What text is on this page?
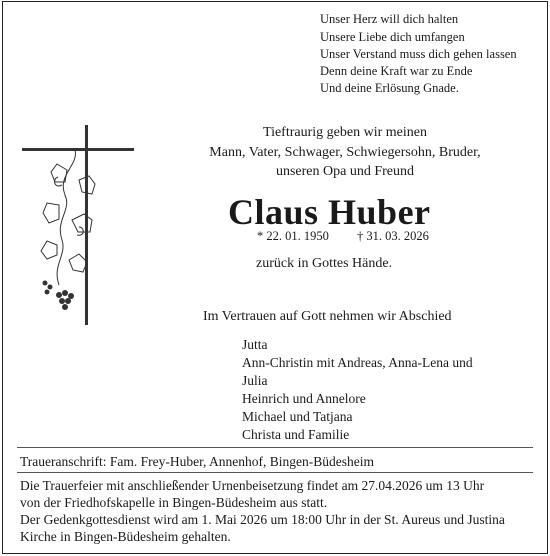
Unser Herz will dich halten
Unsere Liebe dich umfangen
Unser Verstand muss dich gehen lassen
Denn deine Kraft war zu Ende
Und deine Erlösung Gnade.
Tieftraurig geben wir meinen
Mann, Vater, Schwager, Schwiegersohn, Bruder,
unseren Opa und Freund
Claus Huber
* 22. 01. 1950 † 31. 03. 2026
zurück in Gottes Hände.
Im Vertrauen auf Gott nehmen wir Abschied
Jutta
Ann-Christin mit Andreas, Anna-Lena und
Julia
Heinrich und Annelore
Michael und Tatjana
Christa und Familie
Traueranschrift: Fam. Frey-Huber, Annenhof, Bingen-Büdesheim
Die Trauerfeier mit anschließender Urnenbeisetzung findet am 27.04.2026 um 13 Uhr
von der Friedhofskapelle in Bingen-Büdesheim aus statt.
Der Gedenkgottesdienst wird am 1. Mai 2026 um 18:00 Uhr in der St. Aureus und Justina
Kirche in Bingen-Büdesheim gehalten.
